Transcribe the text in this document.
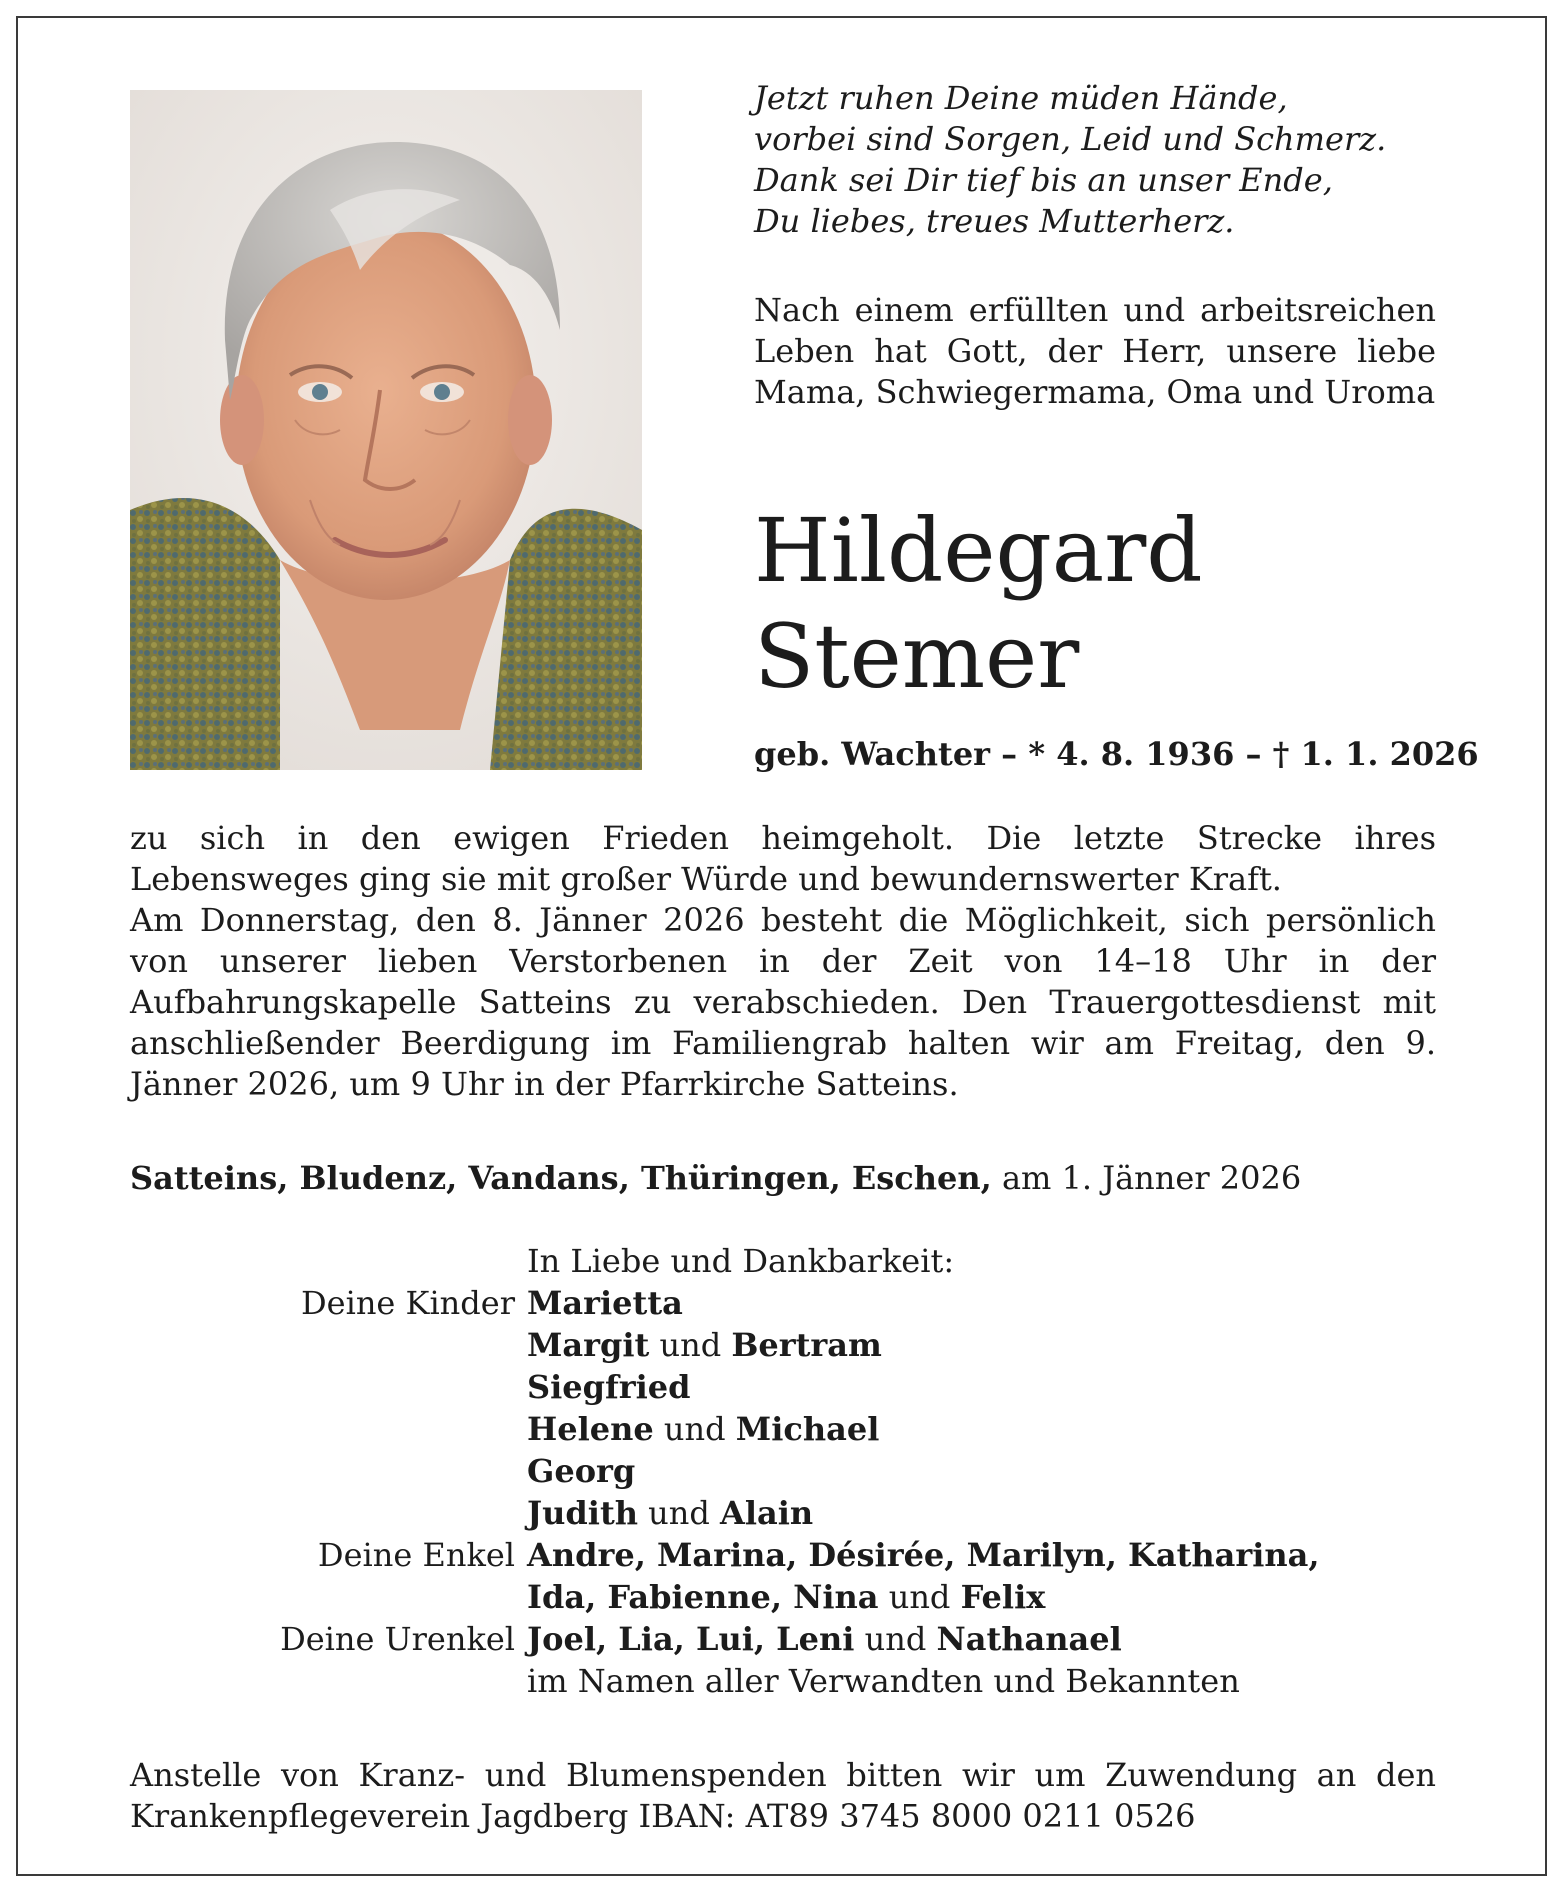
Jetzt ruhen Deine müden Hände,
vorbei sind Sorgen, Leid und Schmerz.
Dank sei Dir tief bis an unser Ende,
Du liebes, treues Mutterherz.

Nach einem erfüllten und arbeitsreichen Leben hat Gott, der Herr, unsere liebe Mama, Schwiegermama, Oma und Uroma

Hildegard
Stemer

geb. Wachter – * 4. 8. 1936 – † 1. 1. 2026

zu sich in den ewigen Frieden heimgeholt. Die letzte Strecke ihres Lebensweges ging sie mit großer Würde und bewundernswerter Kraft.

Am Donnerstag, den 8. Jänner 2026 besteht die Möglichkeit, sich persönlich von unserer lieben Verstorbenen in der Zeit von 14–18 Uhr in der Aufbahrungskapelle Satteins zu verabschieden. Den Trauergottesdienst mit anschließender Beerdigung im Familiengrab halten wir am Freitag, den 9. Jänner 2026, um 9 Uhr in der Pfarrkirche Satteins.

Satteins, Bludenz, Vandans, Thüringen, Eschen, am 1. Jänner 2026

In Liebe und Dankbarkeit:
Deine Kinder Marietta
Margit und Bertram
Siegfried
Helene und Michael
Georg
Judith und Alain
Deine Enkel Andre, Marina, Désirée, Marilyn, Katharina,
Ida, Fabienne, Nina und Felix
Deine Urenkel Joel, Lia, Lui, Leni und Nathanael
im Namen aller Verwandten und Bekannten

Anstelle von Kranz- und Blumenspenden bitten wir um Zuwendung an den Krankenpflegeverein Jagdberg IBAN: AT89 3745 8000 0211 0526
